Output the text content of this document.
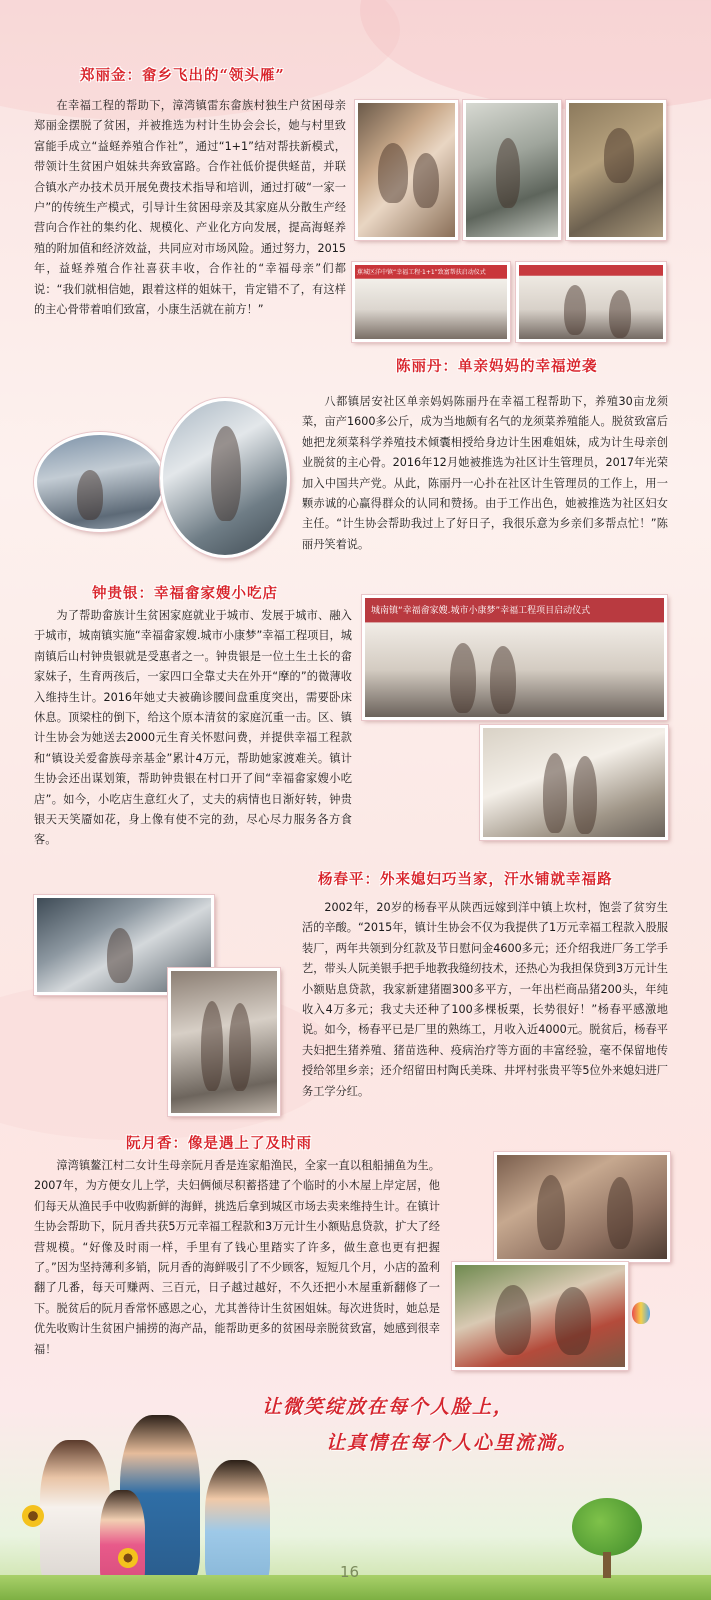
郑丽金：畲乡飞出的“领头雁”

在幸福工程的帮助下，漳湾镇雷东畲族村独生户贫困母亲郑丽金摆脱了贫困，并被推选为村计生协会会长，她与村里致富能手成立“益蛏养殖合作社”，通过“1+1”结对帮扶新模式，带领计生贫困户姐妹共奔致富路。合作社低价提供蛏苗，并联合镇水产办技术员开展免费技术指导和培训，通过打破“一家一户”的传统生产模式，引导计生贫困母亲及其家庭从分散生产经营向合作社的集约化、规模化、产业化方向发展，提高海蛏养殖的附加值和经济效益，共同应对市场风险。通过努力，2015年，益蛏养殖合作社喜获丰收，合作社的“幸福母亲”们都说：“我们就相信她，跟着这样的姐妹干，肯定错不了，有这样的主心骨带着咱们致富，小康生活就在前方！”

蕉城区洋中镇“幸福工程·1+1”致富帮扶启动仪式
陈丽丹：单亲妈妈的幸福逆袭

八都镇居安社区单亲妈妈陈丽丹在幸福工程帮助下，养殖30亩龙须菜，亩产1600多公斤，成为当地颇有名气的龙须菜养殖能人。脱贫致富后她把龙须菜科学养殖技术倾囊相授给身边计生困难姐妹，成为计生母亲创业脱贫的主心骨。2016年12月她被推选为社区计生管理员，2017年光荣加入中国共产党。从此，陈丽丹一心扑在社区计生管理员的工作上，用一颗赤诚的心赢得群众的认同和赞扬。由于工作出色，她被推选为社区妇女主任。“计生协会帮助我过上了好日子，我很乐意为乡亲们多帮点忙！”陈丽丹笑着说。

钟贵银：幸福畲家嫂小吃店

为了帮助畲族计生贫困家庭就业于城市、发展于城市、融入于城市，城南镇实施“幸福畲家嫂.城市小康梦”幸福工程项目，城南镇后山村钟贵银就是受惠者之一。钟贵银是一位土生土长的畲家妹子，生育两孩后，一家四口全靠丈夫在外开“摩的”的微薄收入维持生计。2016年她丈夫被确诊腰间盘重度突出，需要卧床休息。顶梁柱的倒下，给这个原本清贫的家庭沉重一击。区、镇计生协会为她送去2000元生育关怀慰问费，并提供幸福工程款和“镇设关爱畲族母亲基金”累计4万元，帮助她家渡难关。镇计生协会还出谋划策，帮助钟贵银在村口开了间“幸福畲家嫂小吃店”。如今，小吃店生意红火了，丈夫的病情也日渐好转，钟贵银天天笑靥如花，身上像有使不完的劲，尽心尽力服务各方食客。

城南镇“幸福畲家嫂.城市小康梦”幸福工程项目启动仪式
杨春平：外来媳妇巧当家，汗水铺就幸福路

2002年，20岁的杨春平从陕西远嫁到洋中镇上坎村，饱尝了贫穷生活的辛酸。“2015年，镇计生协会不仅为我提供了1万元幸福工程款入股服装厂，两年共领到分红款及节日慰问金4600多元；还介绍我进厂务工学手艺，带头人阮美银手把手地教我缝纫技术，还热心为我担保贷到3万元计生小额贴息贷款，我家新建猪圈300多平方，一年出栏商品猪200头，年纯收入4万多元；我丈夫还种了100多棵板栗，长势很好！”杨春平感激地说。如今，杨春平已是厂里的熟练工，月收入近4000元。脱贫后，杨春平夫妇把生猪养殖、猪苗选种、疫病治疗等方面的丰富经验，毫不保留地传授给邻里乡亲；还介绍留田村陶氏美珠、井坪村张贵平等5位外来媳妇进厂务工学分红。

阮月香：像是遇上了及时雨

漳湾镇鳌江村二女计生母亲阮月香是连家船渔民，全家一直以租船捕鱼为生。2007年，为方便女儿上学，夫妇俩倾尽积蓄搭建了个临时的小木屋上岸定居，他们每天从渔民手中收购新鲜的海鲜，挑选后拿到城区市场去卖来维持生计。在镇计生协会帮助下，阮月香共获5万元幸福工程款和3万元计生小额贴息贷款，扩大了经营规模。“好像及时雨一样，手里有了钱心里踏实了许多，做生意也更有把握了。”因为坚持薄利多销，阮月香的海鲜吸引了不少顾客，短短几个月，小店的盈利翻了几番，每天可赚两、三百元，日子越过越好，不久还把小木屋重新翻修了一下。脱贫后的阮月香常怀感恩之心，尤其善待计生贫困姐妹。每次进货时，她总是优先收购计生贫困户捕捞的海产品，能帮助更多的贫困母亲脱贫致富，她感到很幸福！

让微笑绽放在每个人脸上，
让真情在每个人心里流淌。
16
